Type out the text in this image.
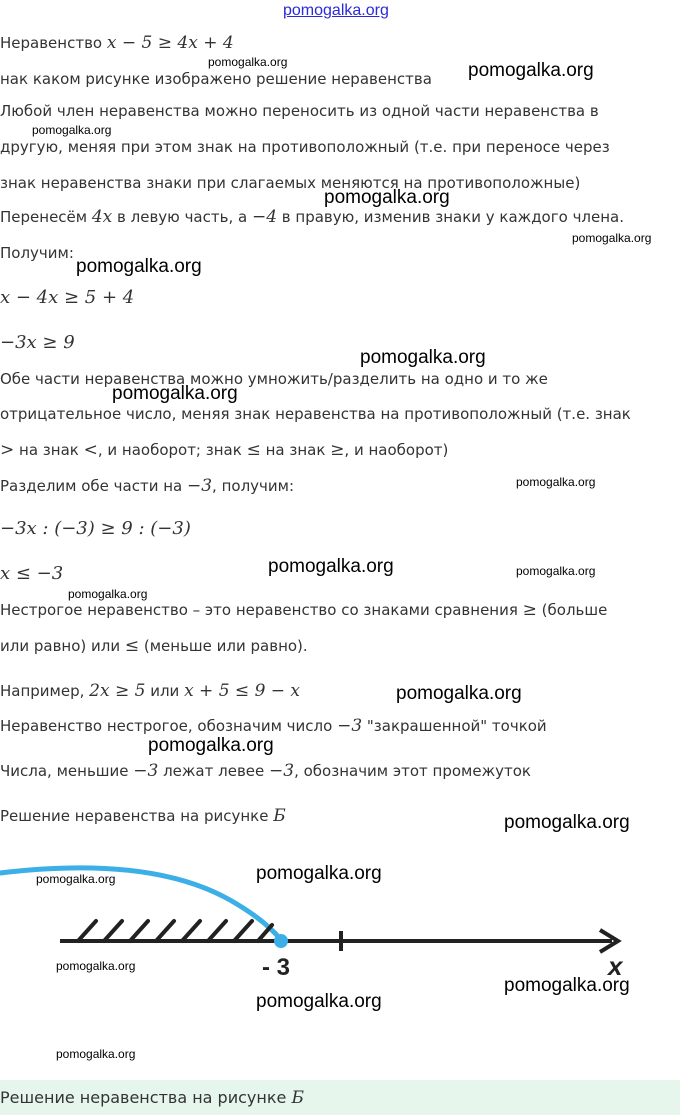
pomogalka.org
Неравенство x − 5 ≥ 4x + 4
нак каком рисунке изображено решение неравенства
Любой член неравенства можно переносить из одной части неравенства в
другую, меняя при этом знак на противоположный (т.е. при переносе через
знак неравенства знаки при слагаемых меняются на противоположные)
Перенесём 4x в левую часть, а −4 в правую, изменив знаки у каждого члена.
Получим:
x − 4x ≥ 5 + 4
−3x ≥ 9
Обе части неравенства можно умножить/разделить на одно и то же
отрицательное число, меняя знак неравенства на противоположный (т.е. знак
> на знак <, и наоборот; знак ≤ на знак ≥, и наоборот)
Разделим обе части на −3, получим:
−3x : (−3) ≥ 9 : (−3)
x ≤ −3
Нестрогое неравенство – это неравенство со знаками сравнения ≥ (больше
или равно) или ≤ (меньше или равно).
Например, 2x ≥ 5 или x + 5 ≤ 9 − x
Неравенство нестрогое, обозначим число −3 "закрашенной" точкой
Числа, меньшие −3 лежат левее −3, обозначим этот промежуток
Решение неравенства на рисунке Б
- 3	x
pomogalka.org	pomogalka.org
pomogalka.org
pomogalka.org
pomogalka.org
pomogalka.org
pomogalka.org
pomogalka.org
pomogalka.org
pomogalka.org	pomogalka.org
pomogalka.org
pomogalka.org
pomogalka.org
pomogalka.org
pomogalka.org
pomogalka.org
pomogalka.org
pomogalka.org
pomogalka.org
pomogalka.org
Решение неравенства на рисунке Б
